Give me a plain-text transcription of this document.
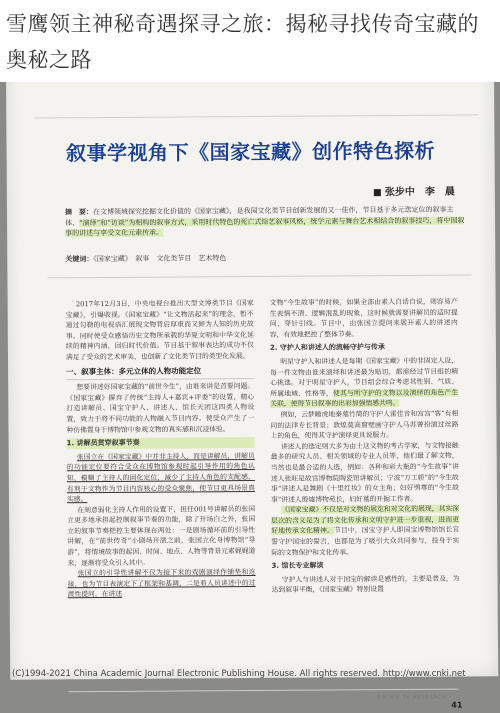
雪鹰领主神秘奇遇探寻之旅：揭秘寻找传奇宝藏的奥秘之路
叙事学视角下《国家宝藏》创作特色探析
张步中　李　晨
摘　要：在文博领域探究挖掘文化价值的《国家宝藏》，是我国文化类节目创新发展的又一佳作，节目基于多元迭定位的叙事主体、“演绎”和“访谈”为相构的叙事方式，采用时代特色的死亡式综艺叙事风格，统学元素与舞台艺术相结合的叙事技巧，将中国叙事的讲述与享受文化元素传承。
关键词：《国家宝藏》　叙事　文化类节目　艺术特色

2017年12月3日，中央电视台推出大型文博类节目《国家宝藏》，引爆收视。《国家宝藏》“让文物活起来”的理念，暂不通过勾勒的电视语汇展现文物背后厚重而又鲜为人知的历史故事。同时使受众感悟历史文物所承载的华夏文明和中华文化延续的精神内涵，回归时代价值。节目基于叙事表达的成功不仅满足了受众的艺术审美，也创新了文化类节目的类型化发展。

一、叙事主体：多元立体的人物功能定位

想要讲述好国家宝藏的“前世今生”，由谁来讲是首要问题。《国家宝藏》摒弃了传统“主持人+嘉宾+评委”的设置，精心打造讲解员、国宝守护人、讲述人、馆长天团这四类人物设置，致力于将不同功能的人物融入节目内容。使受众产生了一种仿佛置身于博物馆中参观文物的真实感和沉浸体验。

1. 讲解员贯穿叙事节奏

张国立在《国家宝藏》中并非主持人，而是讲解员，讲解员的功能定位要符合受众在博物馆参观时起引导作用的角色认知，模糊了主持人的固化定位，减少了主持人角色的支配感，有利于文物作为节目内容核心的受众聚焦，使节目更具场景真实感。

在刻意弱化主持人作用的设置下，担任001号讲解员的张国立更多地承担起控制叙事节奏的功能，除了开场白之外，张国立的叙事节奏把控主要体现在两处：一是剧场循环前的引导性讲解，在“前世传奇”小剧场开演之前，张国立化身博物馆“导游”，将情境故事的起因、时间、地点、人物等背景元素娓娓道来，逐渐将受众引入其中。

张国立的引导性讲解不仅为接下来的戏剧演绎作铺垫和连接，也为节目表演定下了框架和基调，二是着人员讲述中的过渡性提问，在讲述

文物“今生故事”的时候，如果全部由素人自话自说，则容易产生表情不清、逻辑混乱的现象，这时候就需要讲解员的适时提问、穿针引线。节目中，由张国立提问来展开素人的讲述内容，有效地把控了整体节奏。

2. 守护人和讲述人的流畅守护与传承

明星守护人和讲述人是每期《国家宝藏》中的非固定人设，每一件文物由谁来演绎和讲述最为贴切，都需经过节目组的精心挑选。对于明星守护人，节目组会综合考虑其性别、气质、所属地域、性格等，使其与所守护的文物以及演绎的角色产生关联，使得节目叙事的出彩加强情感共鸣。

例如，云梦睡虎地秦墓竹简的守护人雷佳音和宫宫“客”有相同的法律专长背景；敦煌莫高窟壁画守护人马苏曾扮演过丝路上的角色，使得其守护演绎更具说服力。

讲述人的选定则大多为由士这文物的考古学家，与文物接触最多的研究人员、相关领域的专业人员等，他们最了解文物，当然也是最合适的人选，例如：各种和彩大瓶的“今生故事”讲述人张旺是故宫博物院陶瓷馆讲解员；宁波“万工轿”的“今生故事”讲述人是舞剧《十里红妆》的女主角；妇好鸮尊的“今生故事”讲述人殷墟博物苑长，妇好墓的开掘工作者。

《国家宝藏》不仅是对文物的展览和对文化的展现，其实深层次的含义是为了将文化传承和文明守护进一步重视，进而更好地传承文化精神。节目中，国宝守护人即国宝博物馆馆长宣誓守护国宝的誓言，也都是为了吸引大众共同参与，投身于实际的文物保护和文化传承。

3. 馆长专业解读

守护人与讲述人对于国宝的解读是感性的，主要是普及，为达到叙事平衡，《国家宝藏》特别设置

电视研究 TV RESEARCH
41
(C)1994-2021 China Academic Journal Electronic Publishing House. All rights reserved. http://www.cnki.net
